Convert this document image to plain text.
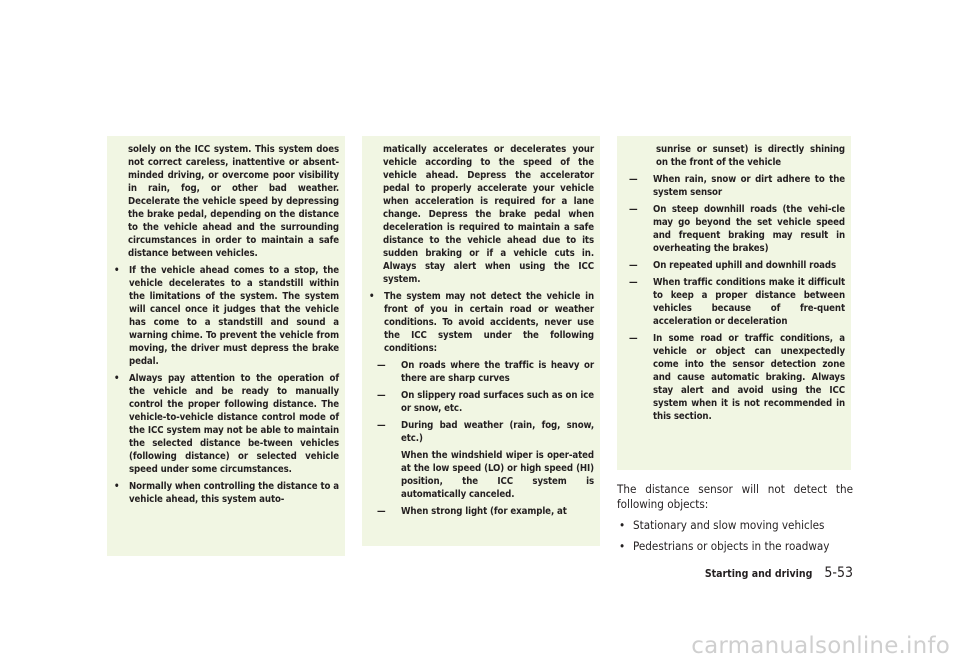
solely on the ICC system. This system does not correct careless, inattentive or absent-minded driving, or overcome poor visibility in rain, fog, or other bad weather. Decelerate the vehicle speed by depressing the brake pedal, depending on the distance to the vehicle ahead and the surrounding circumstances in order to maintain a safe distance between vehicles.
• If the vehicle ahead comes to a stop, the vehicle decelerates to a standstill within the limitations of the system. The system will cancel once it judges that the vehicle has come to a standstill and sound a warning chime. To prevent the vehicle from moving, the driver must depress the brake pedal.
• Always pay attention to the operation of the vehicle and be ready to manually control the proper following distance. The vehicle-to-vehicle distance control mode of the ICC system may not be able to maintain the selected distance be-tween vehicles (following distance) or selected vehicle speed under some circumstances.
• Normally when controlling the distance to a vehicle ahead, this system auto-
matically accelerates or decelerates your vehicle according to the speed of the vehicle ahead. Depress the accelerator pedal to properly accelerate your vehicle when acceleration is required for a lane change. Depress the brake pedal when deceleration is required to maintain a safe distance to the vehicle ahead due to its sudden braking or if a vehicle cuts in. Always stay alert when using the ICC system.
• The system may not detect the vehicle in front of you in certain road or weather conditions. To avoid accidents, never use the ICC system under the following conditions:
— On roads where the traffic is heavy or there are sharp curves
— On slippery road surfaces such as on ice or snow, etc.
— During bad weather (rain, fog, snow, etc.)
When the windshield wiper is oper-ated at the low speed (LO) or high speed (HI) position, the ICC system is automatically canceled.
— When strong light (for example, at
sunrise or sunset) is directly shining on the front of the vehicle
— When rain, snow or dirt adhere to the system sensor
— On steep downhill roads (the vehi-cle may go beyond the set vehicle speed and frequent braking may result in overheating the brakes)
— On repeated uphill and downhill roads
— When traffic conditions make it difficult to keep a proper distance between vehicles because of fre-quent acceleration or deceleration
— In some road or traffic conditions, a vehicle or object can unexpectedly come into the sensor detection zone and cause automatic braking. Always stay alert and avoid using the ICC system when it is not recommended in this section.
The distance sensor will not detect the following objects:
• Stationary and slow moving vehicles
• Pedestrians or objects in the roadway
Starting and driving 5-53
carmanualsonline.info
